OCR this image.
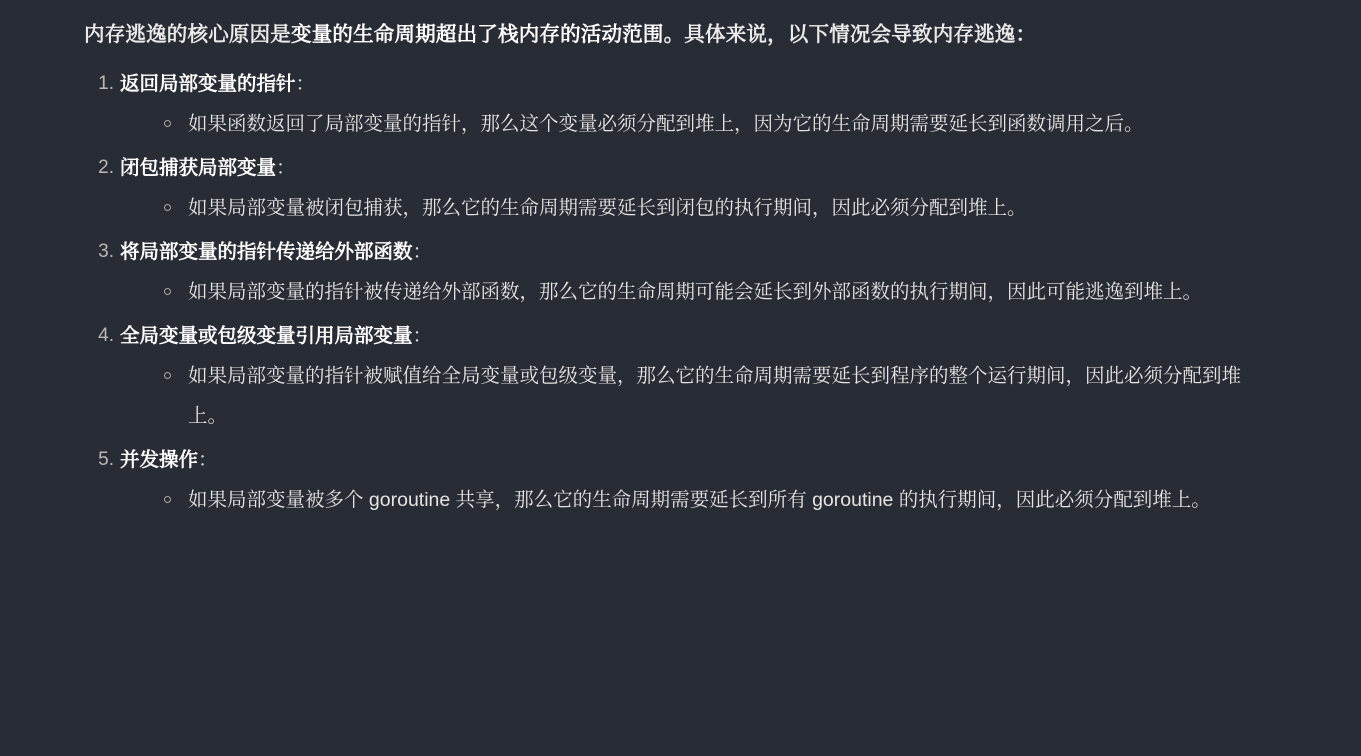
内存逃逸的核心原因是变量的生命周期超出了栈内存的活动范围。具体来说，以下情况会导致内存逃逸：

返回局部变量的指针：
如果函数返回了局部变量的指针，那么这个变量必须分配到堆上，因为它的生命周期需要延长到函数调用之后。
闭包捕获局部变量：
如果局部变量被闭包捕获，那么它的生命周期需要延长到闭包的执行期间，因此必须分配到堆上。
将局部变量的指针传递给外部函数：
如果局部变量的指针被传递给外部函数，那么它的生命周期可能会延长到外部函数的执行期间，因此可能逃逸到堆上。
全局变量或包级变量引用局部变量：
如果局部变量的指针被赋值给全局变量或包级变量，那么它的生命周期需要延长到程序的整个运行期间，因此必须分配到堆上。
并发操作：
如果局部变量被多个 goroutine 共享，那么它的生命周期需要延长到所有 goroutine 的执行期间，因此必须分配到堆上。
